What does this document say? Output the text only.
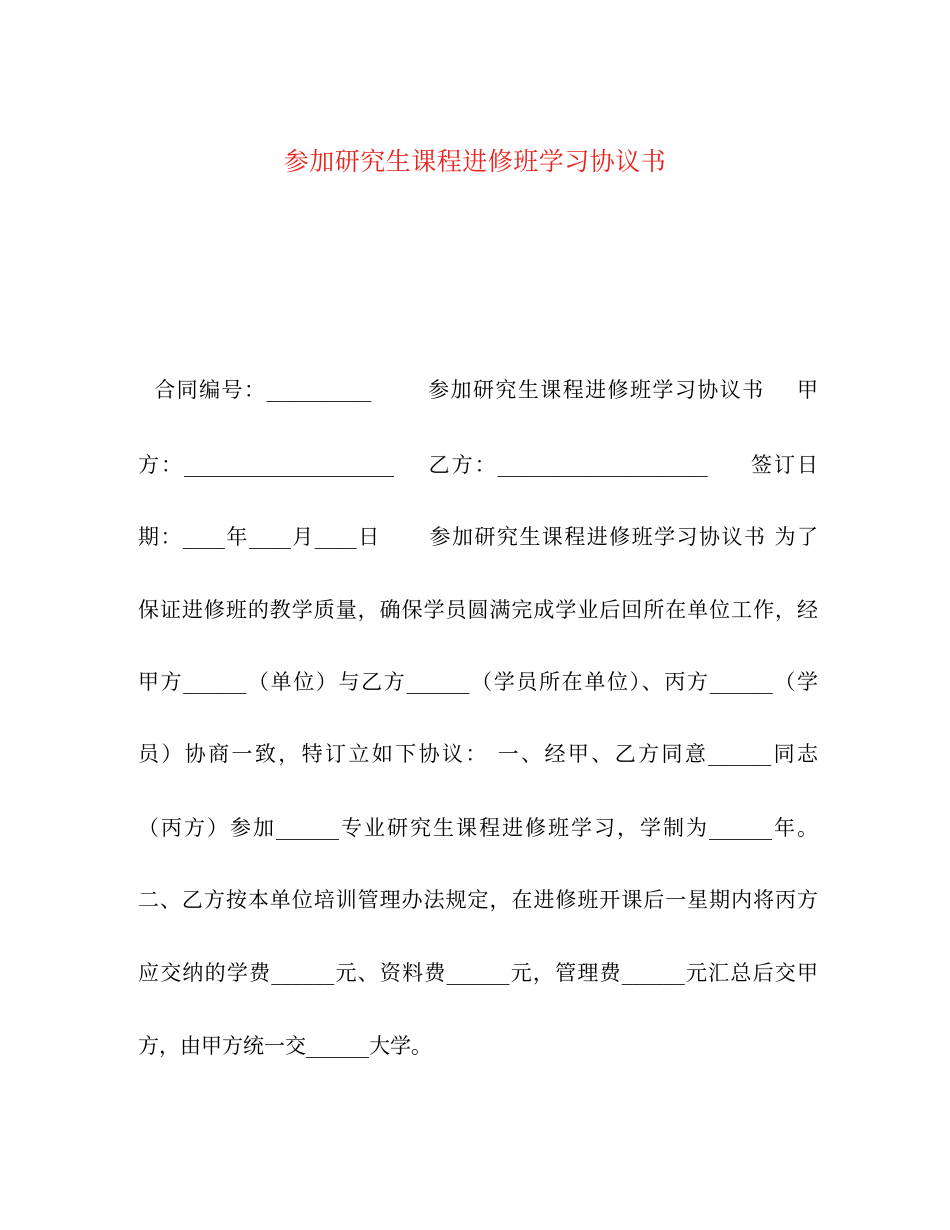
参加研究生课程进修班学习协议书
合同编号：__________       参加研究生课程进修班学习协议书    甲
方：____________________    乙方：____________________     签订日
期：____年____月____日      参加研究生课程进修班学习协议书 为了
保证进修班的教学质量，确保学员圆满完成学业后回所在单位工作，经
甲方______（单位）与乙方______（学员所在单位）、丙方______（学
员）协商一致，特订立如下协议： 一、经甲、乙方同意______同志
（丙方）参加______专业研究生课程进修班学习，学制为______年。
二、乙方按本单位培训管理办法规定，在进修班开课后一星期内将丙方
应交纳的学费______元、资料费______元，管理费______元汇总后交甲
方，由甲方统一交______大学。
